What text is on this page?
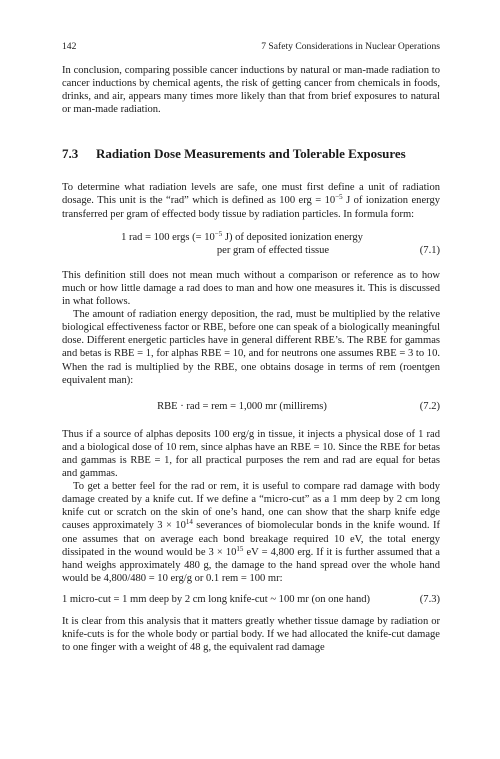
142	7 Safety Considerations in Nuclear Operations

In conclusion, comparing possible cancer inductions by natural or man-made radiation to cancer inductions by chemical agents, the risk of getting cancer from chemicals in foods, drinks, and air, appears many times more likely than that from brief exposures to natural or man-made radiation.

7.3 Radiation Dose Measurements and Tolerable Exposures

To determine what radiation levels are safe, one must first define a unit of radiation dosage. This unit is the “rad” which is defined as 100 erg = $10^{-5}$ J of ionization energy transferred per gram of effected body tissue by radiation particles. In formula form:

1 rad = 100 ergs (= $10^{-5}$ J) of deposited ionization energy
per gram of effected tissue	(7.1)

This definition still does not mean much without a comparison or reference as to how much or how little damage a rad does to man and how one measures it. This is discussed in what follows.

The amount of radiation energy deposition, the rad, must be multiplied by the relative biological effectiveness factor or RBE, before one can speak of a biologically meaningful dose. Different energetic particles have in general different RBE’s. The RBE for gammas and betas is RBE = 1, for alphas RBE = 10, and for neutrons one assumes RBE = 3 to 10. When the rad is multiplied by the RBE, one obtains dosage in terms of rem (roentgen equivalent man):

RBE · rad = rem = 1,000 mr (millirems)	(7.2)

Thus if a source of alphas deposits 100 erg/g in tissue, it injects a physical dose of 1 rad and a biological dose of 10 rem, since alphas have an RBE = 10. Since the RBE for betas and gammas is RBE = 1, for all practical purposes the rem and rad are equal for betas and gammas.

To get a better feel for the rad or rem, it is useful to compare rad damage with body damage created by a knife cut. If we define a “micro-cut” as a 1 mm deep by 2 cm long knife cut or scratch on the skin of one’s hand, one can show that the sharp knife edge causes approximately $3 \times 10^{14}$ severances of biomolecular bonds in the knife wound. If one assumes that on average each bond breakage required 10 eV, the total energy dissipated in the wound would be $3 \times 10^{15}$ eV = 4,800 erg. If it is further assumed that a hand weighs approximately 480 g, the damage to the hand spread over the whole hand would be 4,800/480 = 10 erg/g or 0.1 rem = 100 mr:

1 micro-cut = 1 mm deep by 2 cm long knife-cut ~ 100 mr (on one hand)	(7.3)

It is clear from this analysis that it matters greatly whether tissue damage by radiation or knife-cuts is for the whole body or partial body. If we had allocated the knife-cut damage to one finger with a weight of 48 g, the equivalent rad damage
